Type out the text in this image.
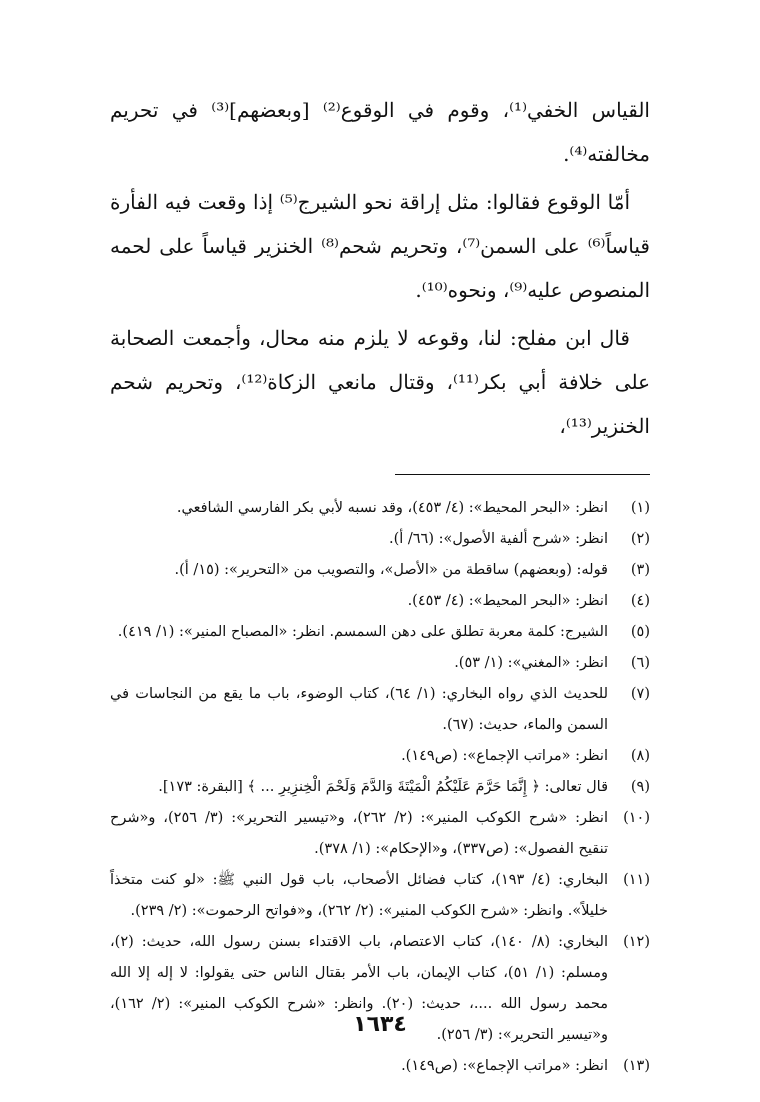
القياس الخفي⁽¹⁾، وقوم في الوقوع⁽²⁾ [وبعضهم]⁽³⁾ في تحريم مخالفته⁽⁴⁾.

أمّا الوقوع فقالوا: مثل إراقة نحو الشيرج⁽⁵⁾ إذا وقعت فيه الفأرة قياساً⁽⁶⁾ على السمن⁽⁷⁾، وتحريم شحم⁽⁸⁾ الخنزير قياساً على لحمه المنصوص عليه⁽⁹⁾، ونحوه⁽¹⁰⁾.

قال ابن مفلح: لنا، وقوعه لا يلزم منه محال، وأجمعت الصحابة على خلافة أبي بكر⁽¹¹⁾، وقتال مانعي الزكاة⁽¹²⁾، وتحريم شحم الخنزير⁽¹³⁾،

(١)
انظر: «البحر المحيط»: (٤/ ٤٥٣)، وقد نسبه لأبي بكر الفارسي الشافعي.
(٢)
انظر: «شرح ألفية الأصول»: (٦٦/ أ).
(٣)
قوله: (وبعضهم) ساقطة من «الأصل»، والتصويب من «التحرير»: (١٥/ أ).
(٤)
انظر: «البحر المحيط»: (٤/ ٤٥٣).
(٥)
الشيرج: كلمة معربة تطلق على دهن السمسم. انظر: «المصباح المنير»: (١/ ٤١٩).
(٦)
انظر: «المغني»: (١/ ٥٣).
(٧)
للحديث الذي رواه البخاري: (١/ ٦٤)، كتاب الوضوء، باب ما يقع من النجاسات في السمن والماء، حديث: (٦٧).
(٨)
انظر: «مراتب الإجماع»: (ص١٤٩).
(٩)
قال تعالى: ﴿ إِنَّمَا حَرَّمَ عَلَيْكُمُ الْمَيْتَةَ وَالدَّمَ وَلَحْمَ الْخِنزِيرِ ... ﴾ [البقرة: ١٧٣].
(١٠)
انظر: «شرح الكوكب المنير»: (٢/ ٢٦٢)، و«تيسير التحرير»: (٣/ ٢٥٦)، و«شرح تنقيح الفصول»: (ص٣٣٧)، و«الإحكام»: (١/ ٣٧٨).
(١١)
البخاري: (٤/ ١٩٣)، كتاب فضائل الأصحاب، باب قول النبي ﷺ: «لو كنت متخذاً خليلاً». وانظر: «شرح الكوكب المنير»: (٢/ ٢٦٢)، و«فواتح الرحموت»: (٢/ ٢٣٩).
(١٢)
البخاري: (٨/ ١٤٠)، كتاب الاعتصام، باب الاقتداء بسنن رسول الله، حديث: (٢)، ومسلم: (١/ ٥١)، كتاب الإيمان، باب الأمر بقتال الناس حتى يقولوا: لا إله إلا الله محمد رسول الله ....، حديث: (٢٠). وانظر: «شرح الكوكب المنير»: (٢/ ١٦٢)، و«تيسير التحرير»: (٣/ ٢٥٦).
(١٣)
انظر: «مراتب الإجماع»: (ص١٤٩).
١٦٣٤
